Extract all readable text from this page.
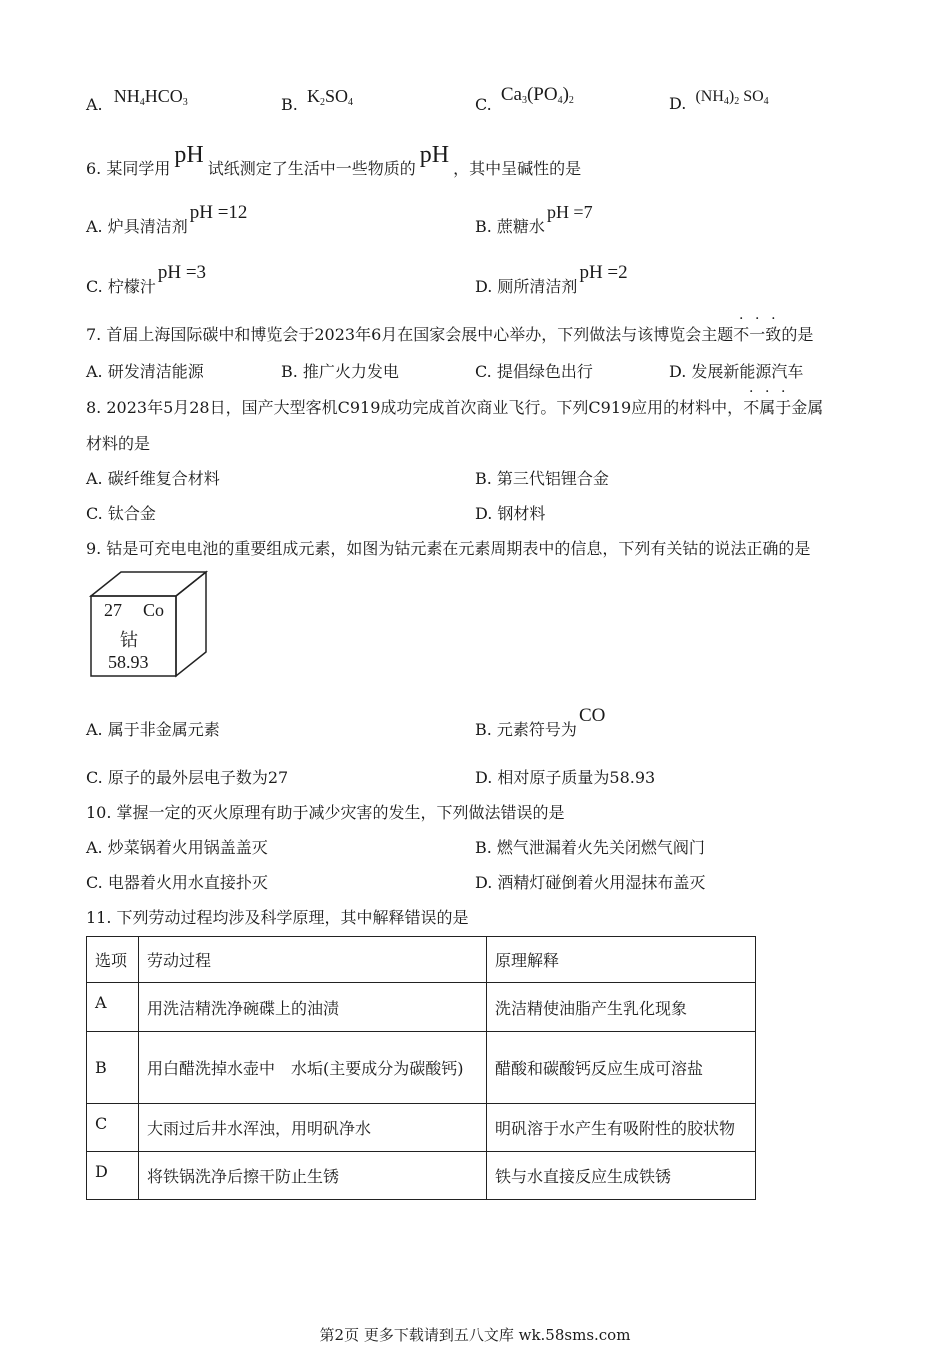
A. $NH_4HCO_3$	B. $K_2SO_4$	C. $Ca_3(PO_4)_2$	D. $(NH_4)_2$ $SO_4$
6. 某同学用pH试纸测定了生活中一些物质的pH，其中呈碱性的是
A. 炉具清洁剂pH =12
B. 蔗糖水pH =7
C. 柠檬汁pH =3
D. 厕所清洁剂pH =2
7. 首届上海国际碳中和博览会于2023年6月在国家会展中心举办，下列做法与该博览会主题不一致的是
A. 研发清洁能源	B. 推广火力发电	C. 提倡绿色出行	D. 发展新能源汽车
8. 2023年5月28日，国产大型客机C919成功完成首次商业飞行。下列C919应用的材料中，不属于金属
材料的是
A. 碳纤维复合材料	B. 第三代铝锂合金
C. 钛合金	D. 钢材料
9. 钴是可充电电池的重要组成元素，如图为钴元素在元素周期表中的信息，下列有关钴的说法正确的是
27 Co
钴
58.93
A. 属于非金属元素	B. 元素符号为CO
C. 原子的最外层电子数为27	D. 相对原子质量为58.93
10. 掌握一定的灭火原理有助于减少灾害的发生，下列做法错误的是
A. 炒菜锅着火用锅盖盖灭	B. 燃气泄漏着火先关闭燃气阀门
C. 电器着火用水直接扑灭	D. 酒精灯碰倒着火用湿抹布盖灭
11. 下列劳动过程均涉及科学原理，其中解释错误的是
选项	劳动过程	原理解释
A	用洗洁精洗净碗碟上的油渍	洗洁精使油脂产生乳化现象
B	用白醋洗掉水壶中　水垢(主要成分为碳酸钙)	醋酸和碳酸钙反应生成可溶盐
C	大雨过后井水浑浊，用明矾净水	明矾溶于水产生有吸附性的胶状物
D	将铁锅洗净后擦干防止生锈	铁与水直接反应生成铁锈
第2页 更多下载请到五八文库 wk.58sms.com
